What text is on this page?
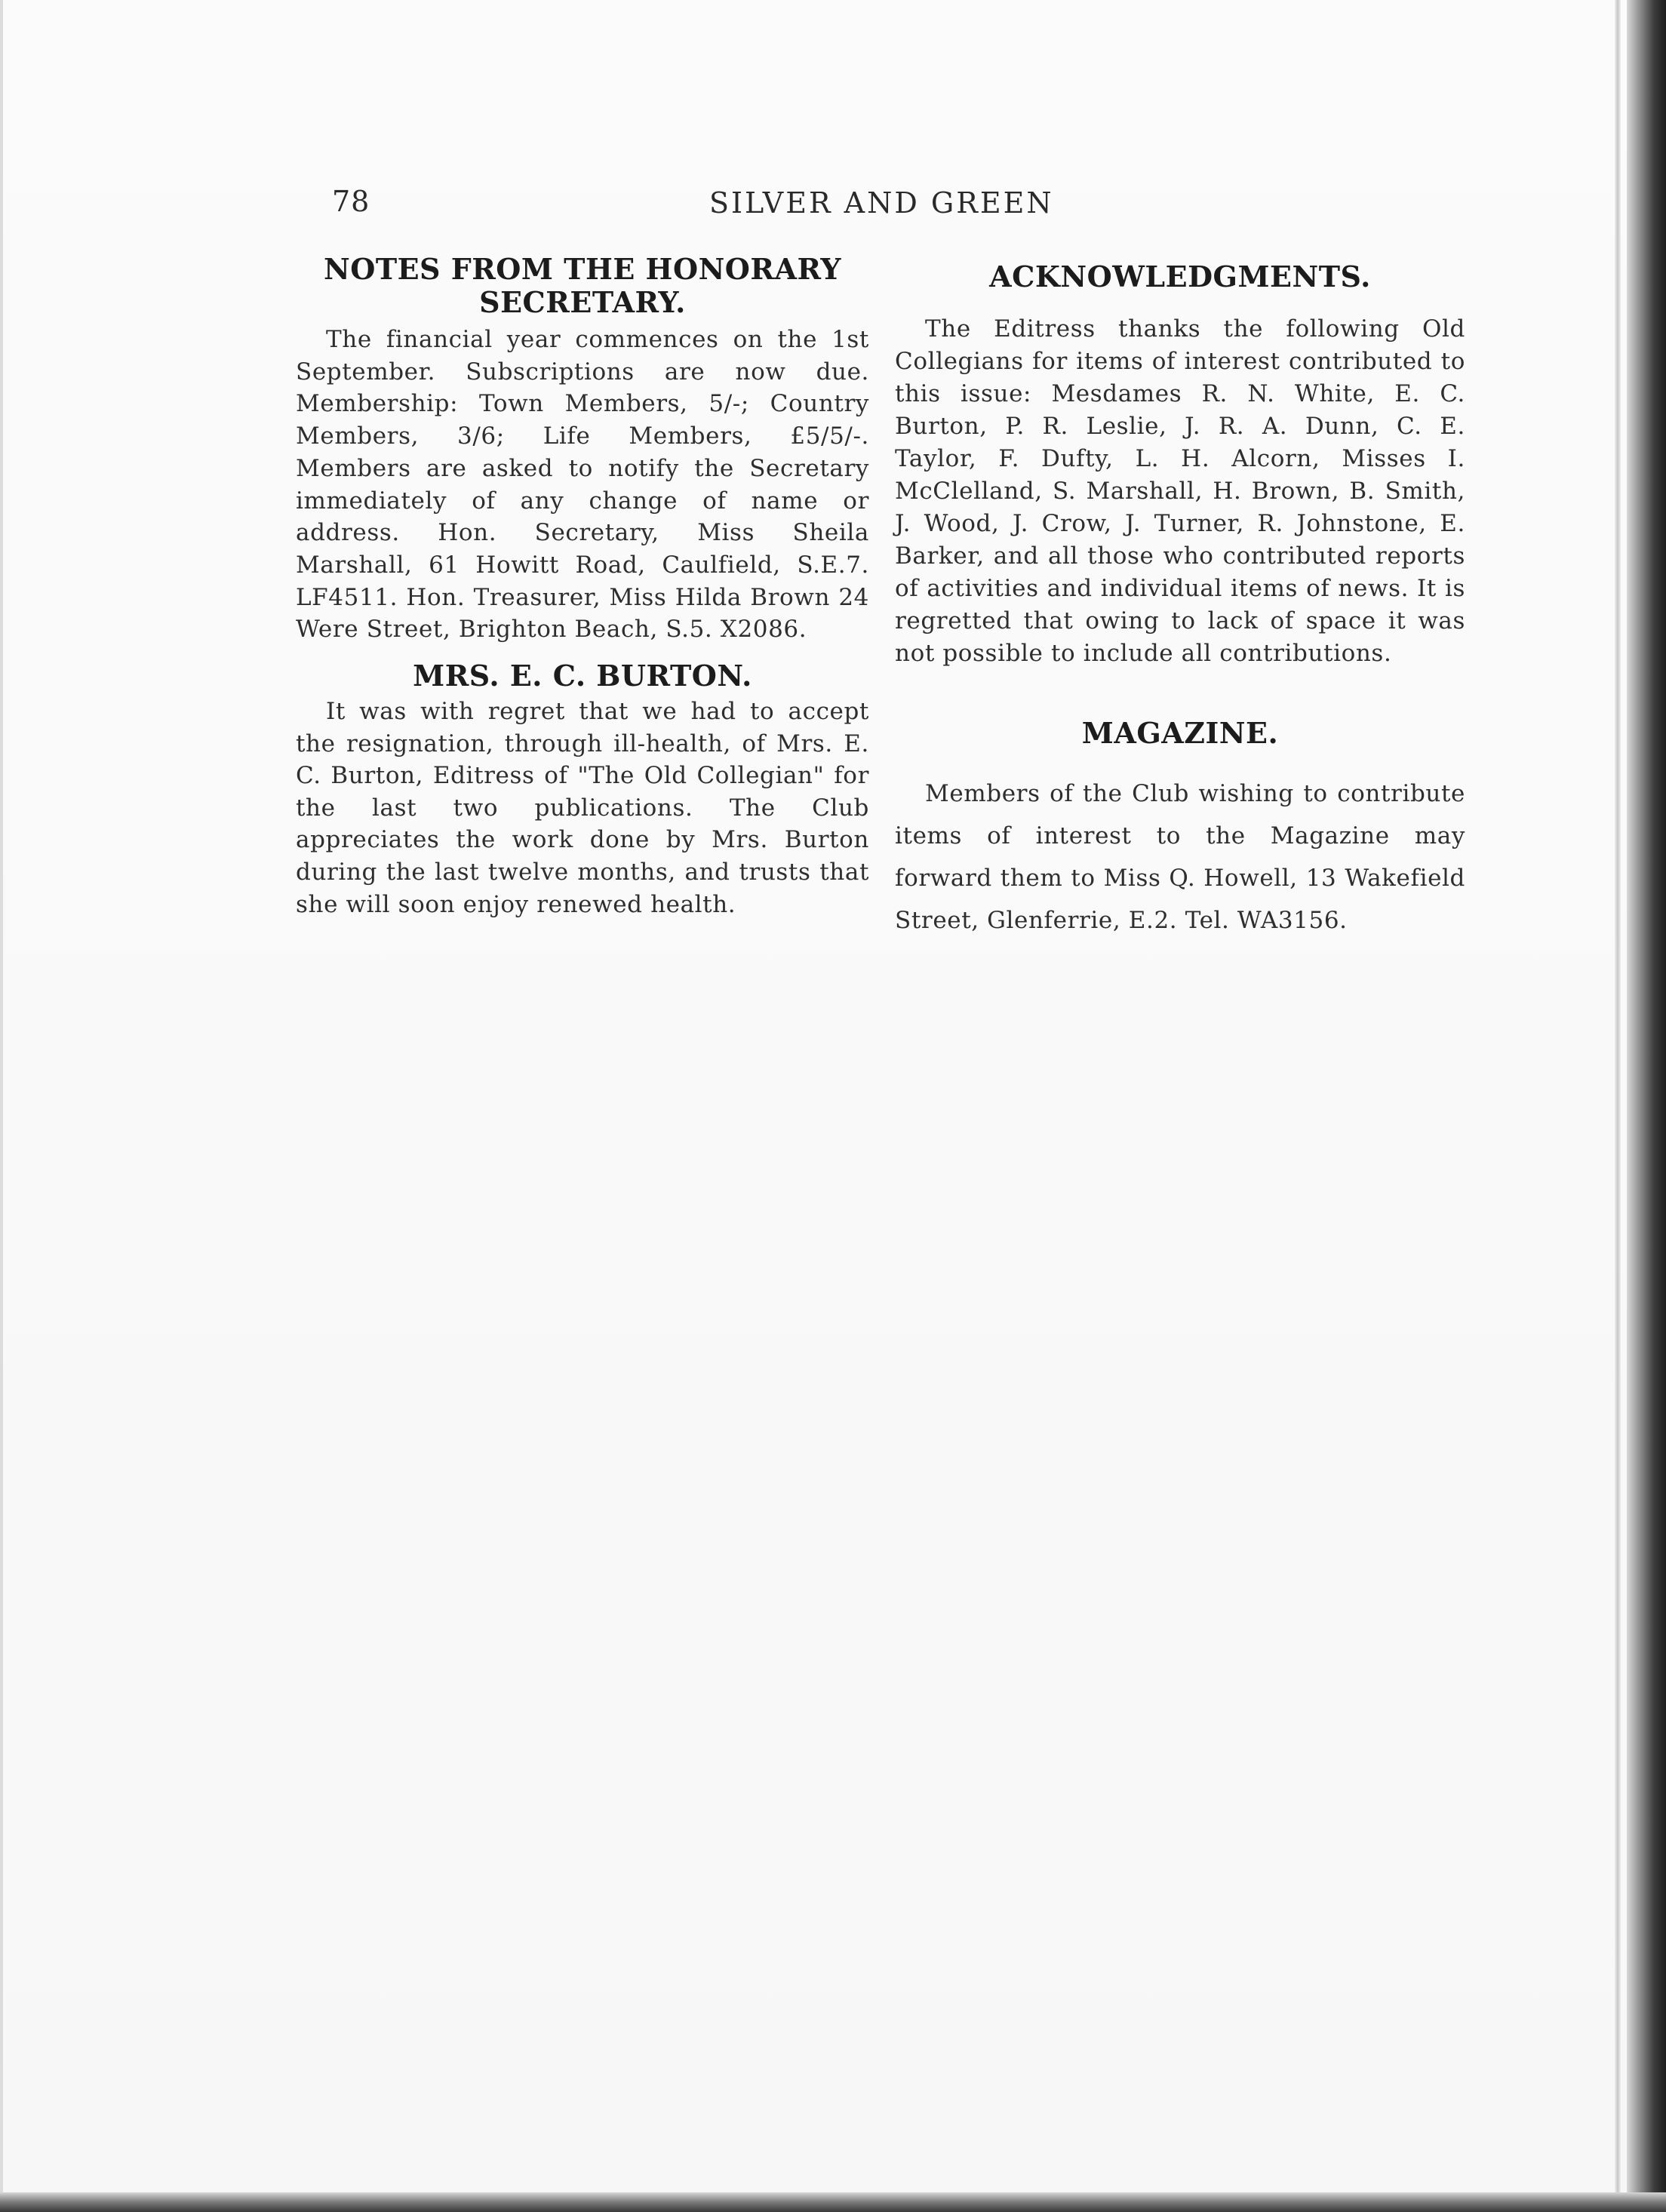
78	SILVER AND GREEN
NOTES FROM THE HONORARY SECRETARY.

The financial year commences on the 1st September. Subscriptions are now due. Membership: Town Members, 5/-; Country Members, 3/6; Life Members, £5/5/-. Members are asked to notify the Secretary immediately of any change of name or address. Hon. Secretary, Miss Sheila Marshall, 61 Howitt Road, Caulfield, S.E.7. LF4511. Hon. Treasurer, Miss Hilda Brown 24 Were Street, Brighton Beach, S.5. X2086.

MRS. E. C. BURTON.

It was with regret that we had to accept the resignation, through ill-health, of Mrs. E. C. Burton, Editress of "The Old Collegian" for the last two publications. The Club appreciates the work done by Mrs. Burton during the last twelve months, and trusts that she will soon enjoy renewed health.

ACKNOWLEDGMENTS.

The Editress thanks the following Old Collegians for items of interest contributed to this issue: Mesdames R. N. White, E. C. Burton, P. R. Leslie, J. R. A. Dunn, C. E. Taylor, F. Dufty, L. H. Alcorn, Misses I. McClelland, S. Marshall, H. Brown, B. Smith, J. Wood, J. Crow, J. Turner, R. Johnstone, E. Barker, and all those who contributed reports of activities and individual items of news. It is regretted that owing to lack of space it was not possible to include all contributions.

MAGAZINE.

Members of the Club wishing to contribute items of interest to the Magazine may forward them to Miss Q. Howell, 13 Wakefield Street, Glenferrie, E.2. Tel. WA3156.
